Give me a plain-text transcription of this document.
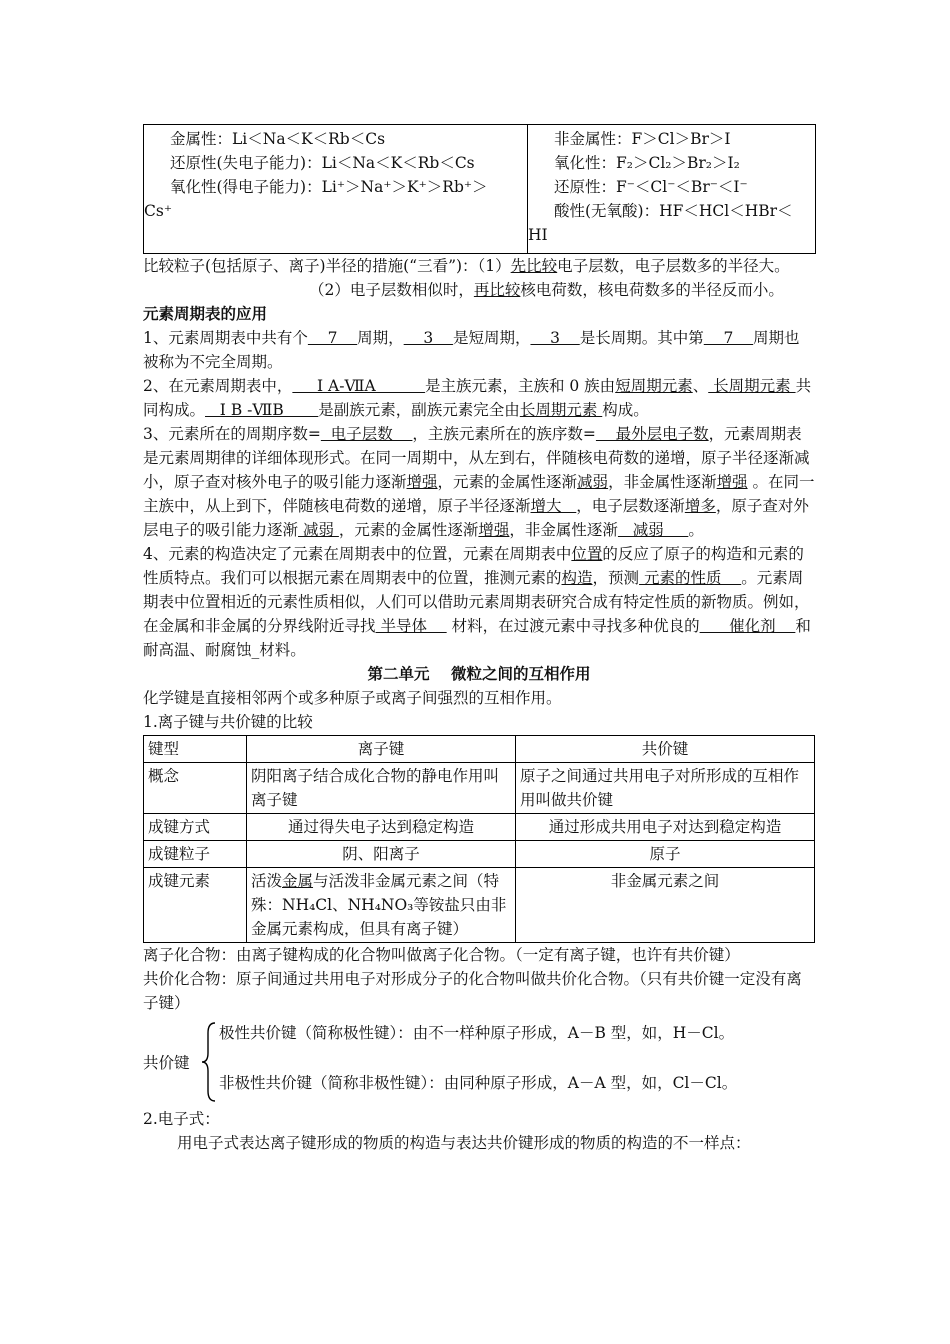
金属性：Li＜Na＜K＜Rb＜Cs

还原性(失电子能力)：Li＜Na＜K＜Rb＜Cs

氧化性(得电子能力)：Li⁺＞Na⁺＞K⁺＞Rb⁺＞

Cs⁺

非金属性：F＞Cl＞Br＞I

氧化性：F₂＞Cl₂＞Br₂＞I₂

还原性：F⁻＜Cl⁻＜Br⁻＜I⁻

酸性(无氧酸)：HF＜HCl＜HBr＜

HI

比较粒子(包括原子、离子)半径的措施(“三看”)：（1）先比较电子层数，电子层数多的半径大。

（2）电子层数相似时，再比较核电荷数，核电荷数多的半径反而小。

元素周期表的应用

1、元素周期表中共有个    7    周期，    3    是短周期，    3    是长周期。其中第    7    周期也被称为不完全周期。

2、在元素周期表中，     Ⅰ A-ⅦA          是主族元素，主族和 0 族由短周期元素、 长周期元素 共同构成。   Ⅰ B -ⅦB       是副族元素，副族元素完全由长周期元素 构成。

3、元素所在的周期序数=  电子层数    ，主族元素所在的族序数=    最外层电子数，元素周期表是元素周期律的详细体现形式。在同一周期中，从左到右，伴随核电荷数的递增，原子半径逐渐减小，原子查对核外电子的吸引能力逐渐增强，元素的金属性逐渐减弱，非金属性逐渐增强 。在同一主族中，从上到下，伴随核电荷数的递增，原子半径逐渐增大   ，电子层数逐渐增多，原子查对外层电子的吸引能力逐渐 减弱 ，元素的金属性逐渐增强，非金属性逐渐   减弱     。

4、元素的构造决定了元素在周期表中的位置，元素在周期表中位置的反应了原子的构造和元素的性质特点。我们可以根据元素在周期表中的位置，推测元素的构造，预测 元素的性质    。元素周期表中位置相近的元素性质相似，人们可以借助元素周期表研究合成有特定性质的新物质。例如，在金属和非金属的分界线附近寻找 半导体     材料，在过渡元素中寻找多种优良的      催化剂    和耐高温、耐腐蚀_材料。

第二单元    微粒之间的互相作用

化学键是直接相邻两个或多种原子或离子间强烈的互相作用。

1.离子键与共价键的比较

键型	离子键	共价键
概念	阴阳离子结合成化合物的静电作用叫离子键	原子之间通过共用电子对所形成的互相作用叫做共价键
成键方式	通过得失电子达到稳定构造	通过形成共用电子对达到稳定构造
成键粒子	阴、阳离子	原子
成键元素	活泼金属与活泼非金属元素之间（特殊：NH₄Cl、NH₄NO₃等铵盐只由非金属元素构成，但具有离子键）	非金属元素之间

离子化合物：由离子键构成的化合物叫做离子化合物。（一定有离子键，也许有共价键）

共价化合物：原子间通过共用电子对形成分子的化合物叫做共价化合物。（只有共价键一定没有离子键）

共价键
极性共价键（简称极性键）：由不一样种原子形成，A－B 型，如，H－Cl。
非极性共价键（简称非极性键）：由同种原子形成，A－A 型，如，Cl－Cl。

2.电子式：

用电子式表达离子键形成的物质的构造与表达共价键形成的物质的构造的不一样点：
